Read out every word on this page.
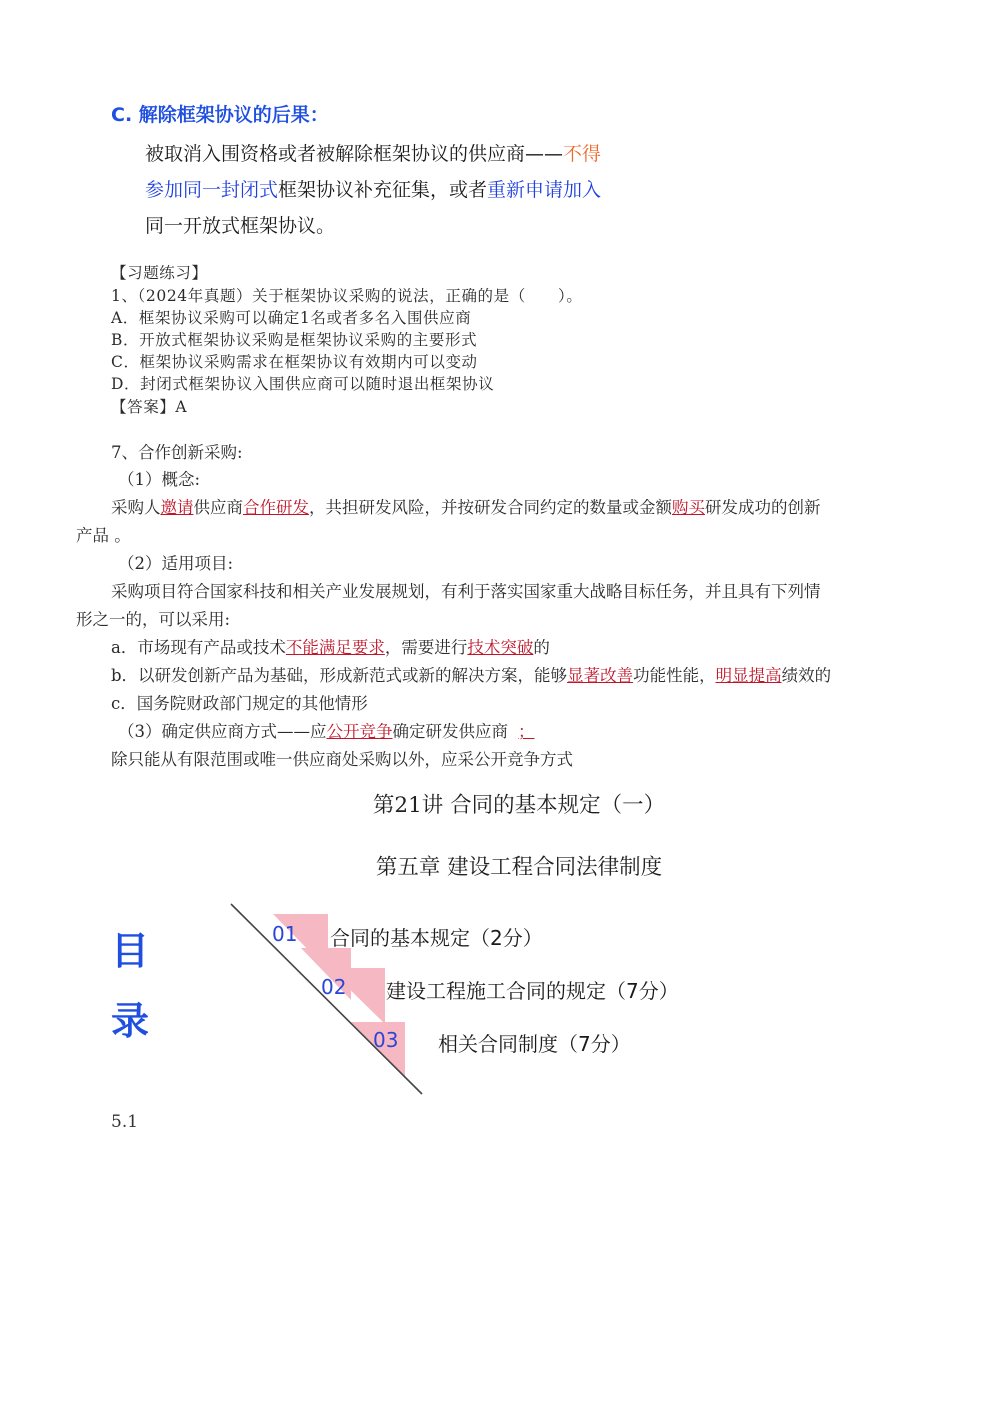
C. 解除框架协议的后果：
被取消入围资格或者被解除框架协议的供应商——不得
参加同一封闭式框架协议补充征集，或者重新申请加入
同一开放式框架协议。
【习题练习】
1、（2024年真题）关于框架协议采购的说法，正确的是（　　）。
A．框架协议采购可以确定1名或者多名入围供应商
B．开放式框架协议采购是框架协议采购的主要形式
C．框架协议采购需求在框架协议有效期内可以变动
D．封闭式框架协议入围供应商可以随时退出框架协议
【答案】A
7、合作创新采购:
（1）概念:
采购人邀请供应商合作研发，共担研发风险，并按研发合同约定的数量或金额购买研发成功的创新
产品 。
（2）适用项目:
采购项目符合国家科技和相关产业发展规划，有利于落实国家重大战略目标任务，并且具有下列情
形之一的，可以采用:
a．市场现有产品或技术不能满足要求，需要进行技术突破的
b．以研发创新产品为基础，形成新范式或新的解决方案，能够显著改善功能性能，明显提高绩效的
c．国务院财政部门规定的其他情形
（3）确定供应商方式——应公开竞争确定研发供应商 ；
除只能从有限范围或唯一供应商处采购以外，应采公开竞争方式
第21讲 合同的基本规定（一）
第五章 建设工程合同法律制度
目
录
01 合同的基本规定（2分）
02 建设工程施工合同的规定（7分）
03 相关合同制度（7分）
5.1
